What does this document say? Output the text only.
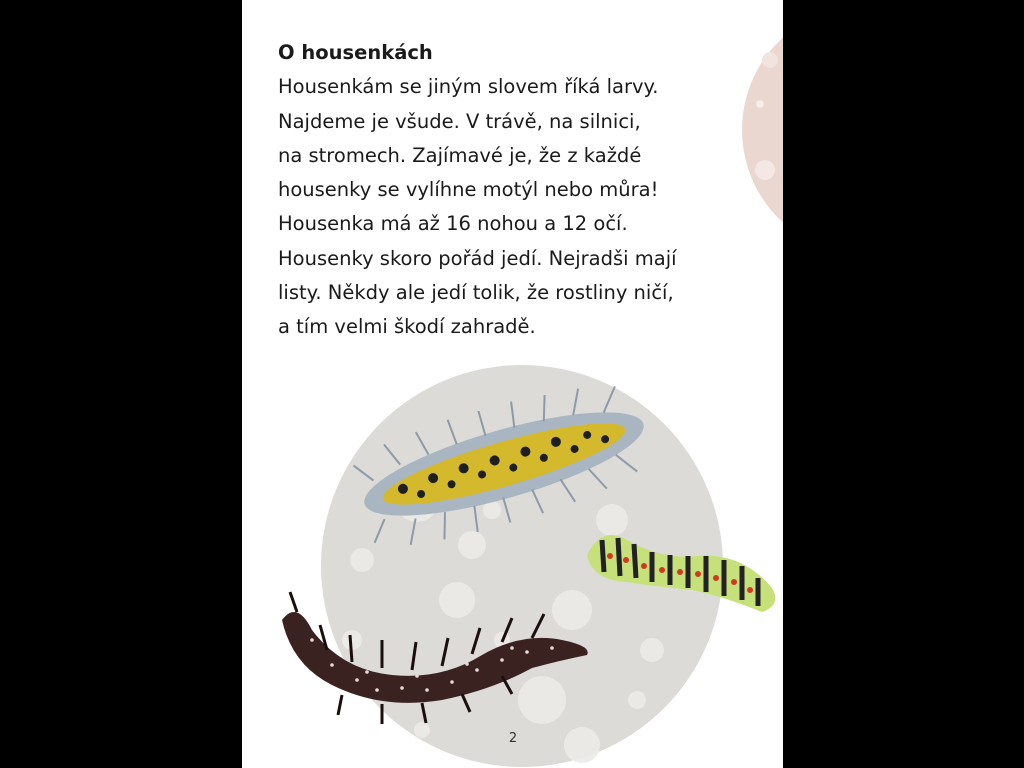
O housenkách
Housenkám se jiným slovem říká larvy.
Najdeme je všude. V trávě, na silnici,
na stromech. Zajímavé je, že z každé
housenky se vylíhne motýl nebo můra!
Housenka má až 16 nohou a 12 očí.
Housenky skoro pořád jedí. Nejradši mají
listy. Někdy ale jedí tolik, že rostliny ničí,
a tím velmi škodí zahradě.
2
